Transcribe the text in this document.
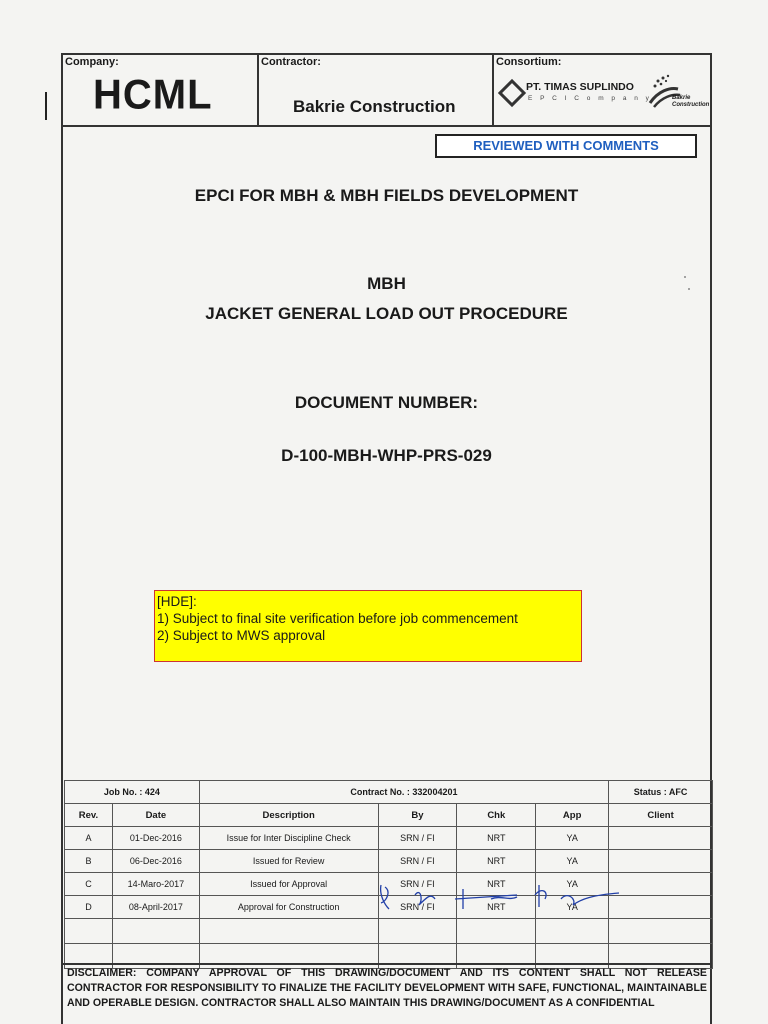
Company:
HCML
Contractor:
Bakrie Construction
Consortium:
PT. TIMAS SUPLINDO
E P C I C o m p a n y	Bakrie
Construction
REVIEWED WITH COMMENTS
EPCI FOR MBH & MBH FIELDS DEVELOPMENT
MBH
JACKET GENERAL LOAD OUT PROCEDURE
DOCUMENT NUMBER:
D-100-MBH-WHP-PRS-029
[HDE]:
1) Subject to final site verification before job commencement
2) Subject to MWS approval
Job No. : 424		Contract No. : 332004201				Status : AFC
Rev.	Date	Description	By	Chk	App	Client
A	01-Dec-2016	Issue for Inter Discipline Check	SRN / FI	NRT	YA	
B	06-Dec-2016	Issued for Review	SRN / FI	NRT	YA	
C	14-Maro-2017	Issued for Approval	SRN / FI	NRT	YA	
D	08-April-2017	Approval for Construction	SRN / FI	NRT	YA	

DISCLAIMER: COMPANY APPROVAL OF THIS DRAWING/DOCUMENT AND ITS CONTENT SHALL NOT RELEASE CONTRACTOR FOR RESPONSIBILITY TO FINALIZE THE FACILITY DEVELOPMENT WITH SAFE, FUNCTIONAL, MAINTAINABLE AND OPERABLE DESIGN. CONTRACTOR SHALL ALSO MAINTAIN THIS DRAWING/DOCUMENT AS A CONFIDENTIAL
